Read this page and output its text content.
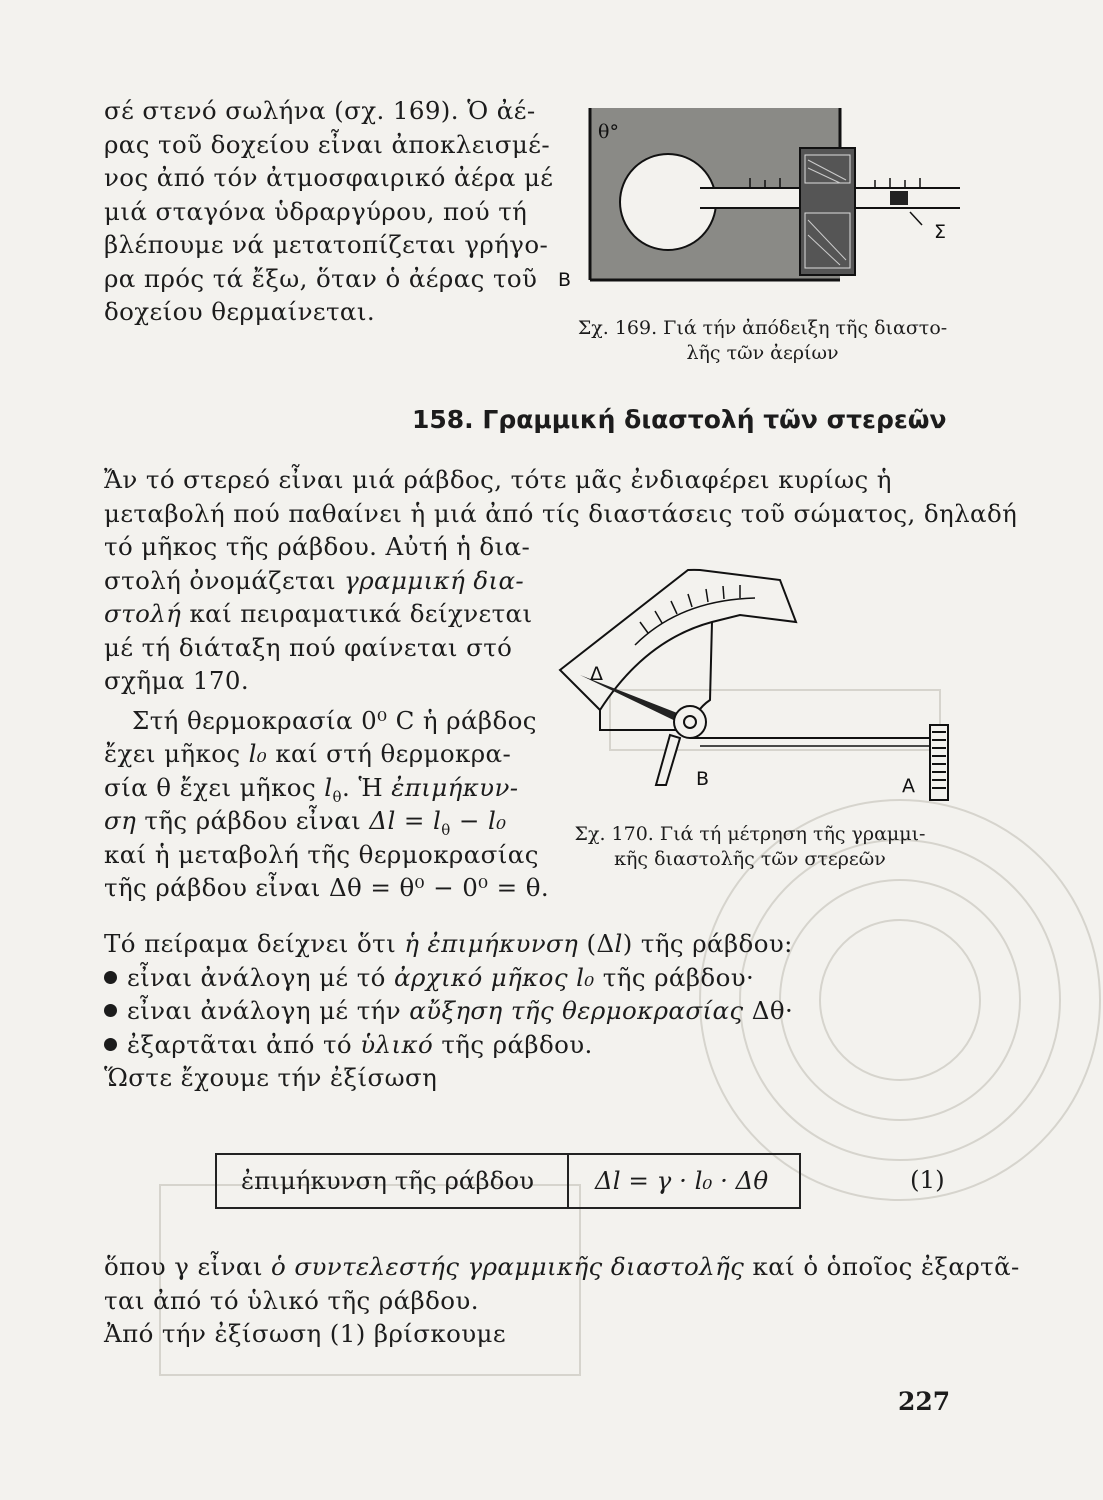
σέ στενό σωλήνα (σχ. 169). Ὁ ἀέ-
ρας τοῦ δοχείου εἶναι ἀποκλεισμέ-
νος ἀπό τόν ἀτμοσφαιρικό ἀέρα μέ
μιά σταγόνα ὑδραργύρου, πού τή
βλέπουμε νά μετατοπίζεται γρήγο-
ρα πρός τά ἔξω, ὅταν ὁ ἀέρας τοῦ
δοχείου θερμαίνεται.
θ°
Β
Σ
Σχ. 169. Γιά τήν ἀπόδειξη τῆς διαστο-
λῆς τῶν ἀερίων
158. Γραμμική διαστολή τῶν στερεῶν
Ἄν τό στερεό εἶναι μιά ράβδος, τότε μᾶς ἐνδιαφέρει κυρίως ἡ
μεταβολή πού παθαίνει ἡ μιά ἀπό τίς διαστάσεις τοῦ σώματος, δηλαδή
τό μῆκος τῆς ράβδου. Αὐτή ἡ δια-
στολή ὀνομάζεται γραμμική δια-
στολή καί πειραματικά δείχνεται
μέ τή διάταξη πού φαίνεται στό
σχῆμα 170.
Στή θερμοκρασία 0⁰ C ἡ ράβδος
ἔχει μῆκος l₀ καί στή θερμοκρα-
σία θ ἔχει μῆκος $l_\theta$. Ἡ ἐπιμήκυν-
ση τῆς ράβδου εἶναι $\Delta l = l_\theta - l_0$
καί ἡ μεταβολή τῆς θερμοκρασίας
τῆς ράβδου εἶναι Δθ = θ⁰ − 0⁰ = θ.
Δ
Β	Α
Σχ. 170. Γιά τή μέτρηση τῆς γραμμι-
κῆς διαστολῆς τῶν στερεῶν
Τό πείραμα δείχνει ὅτι ἡ ἐπιμήκυνση (Δl) τῆς ράβδου:
εἶναι ἀνάλογη μέ τό ἀρχικό μῆκος l₀ τῆς ράβδου·
εἶναι ἀνάλογη μέ τήν αὔξηση τῆς θερμοκρασίας Δθ·
ἐξαρτᾶται ἀπό τό ὑλικό τῆς ράβδου.
Ὥστε ἔχουμε τήν ἐξίσωση
ἐπιμήκυνση τῆς ράβδου Δl = γ · l₀ · Δθ	(1)
ὅπου γ εἶναι ὁ συντελεστής γραμμικῆς διαστολῆς καί ὁ ὁποῖος ἐξαρτᾶ-
ται ἀπό τό ὑλικό τῆς ράβδου.
Ἀπό τήν ἐξίσωση (1) βρίσκουμε
227
